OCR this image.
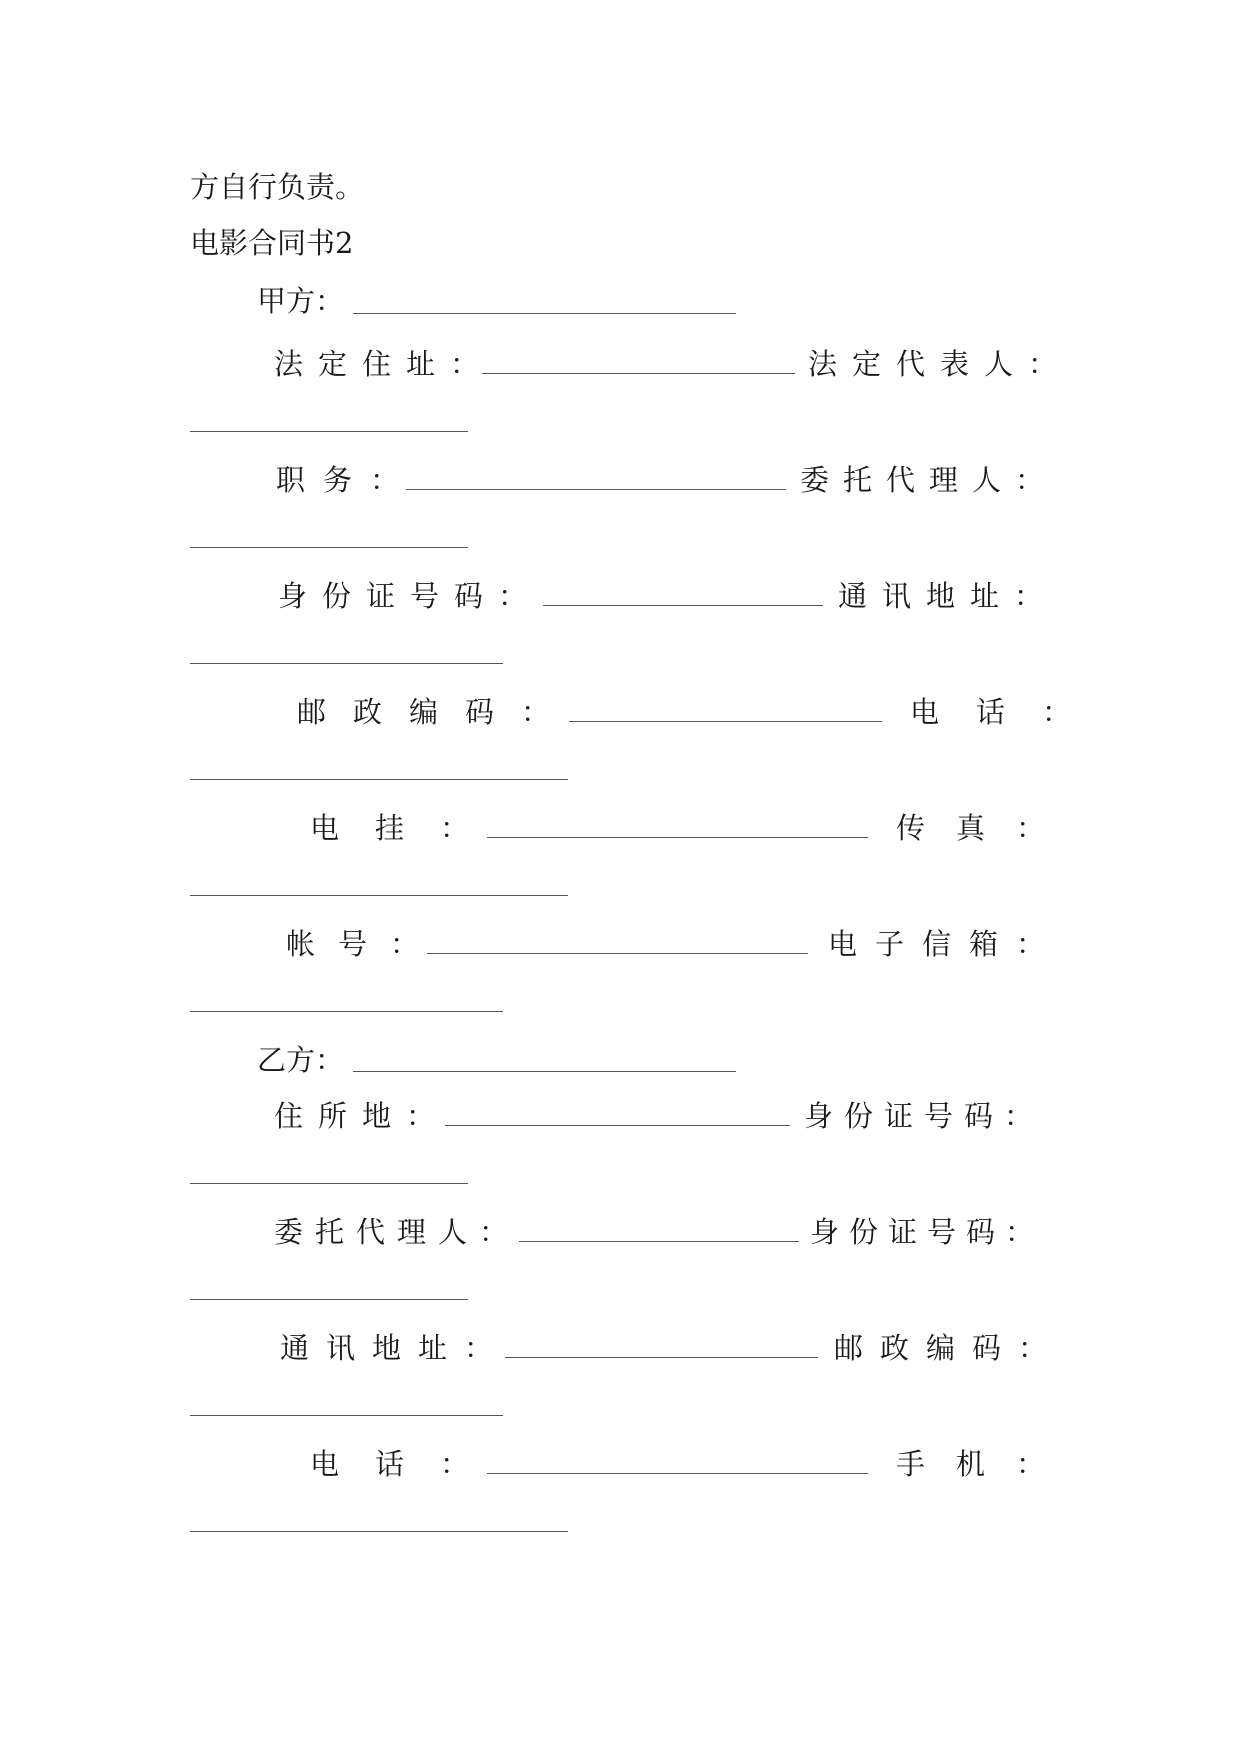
方自行负责。
电影合同书2
甲方：
法定住址：	法定代表人：
职务：	委托代理人：
身份证号码：	通讯地址：
邮政编码：	电话：
电挂：	传真：
帐号：	电子信箱：
乙方：
住所地：	身份证号码：
委托代理人：	身份证号码：
通讯地址：	邮政编码：
电话：	手机：
